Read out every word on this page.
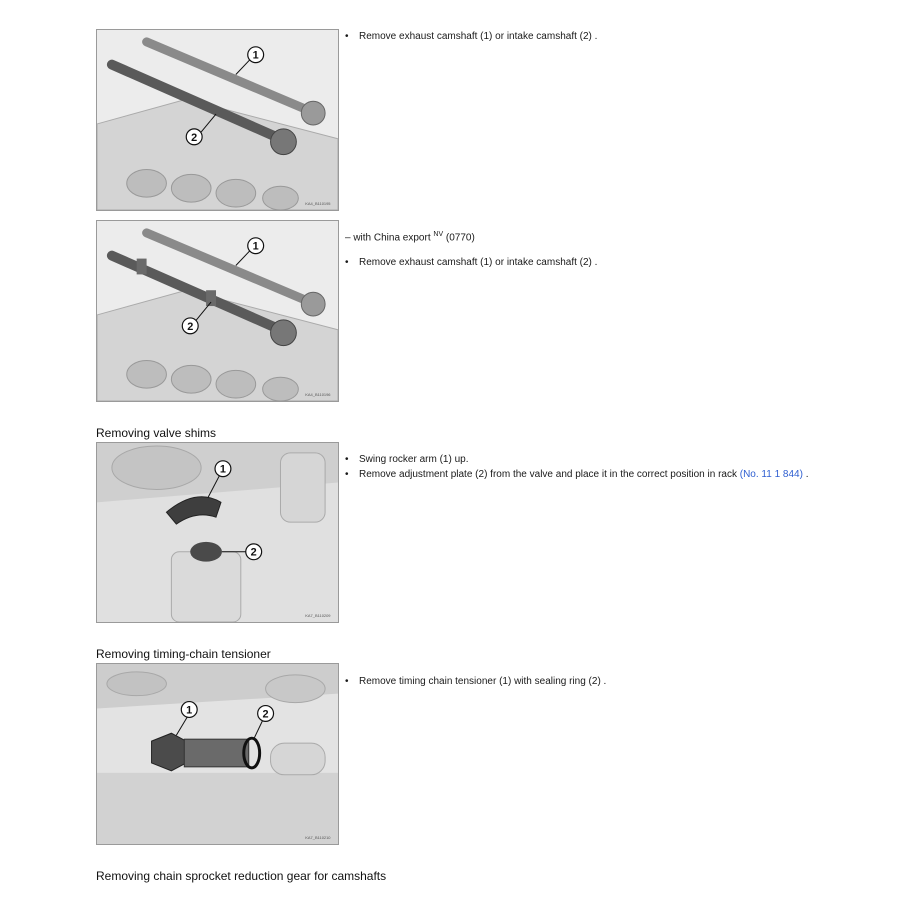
1
2
KA4_B110195
• Remove exhaust camshaft (1) or intake camshaft (2) .
1
2
KA4_B110196
– with China export $^{NV}$ (0770)
• Remove exhaust camshaft (1) or intake camshaft (2) .
Removing valve shims
1
2
KA7_B110209
• Swing rocker arm (1) up.
• Remove adjustment plate (2) from the valve and place it in the correct position in rack (No. 11 1 844) .
Removing timing-chain tensioner
1	2
KA7_B110210
• Remove timing chain tensioner (1) with sealing ring (2) .
Removing chain sprocket reduction gear for camshafts
